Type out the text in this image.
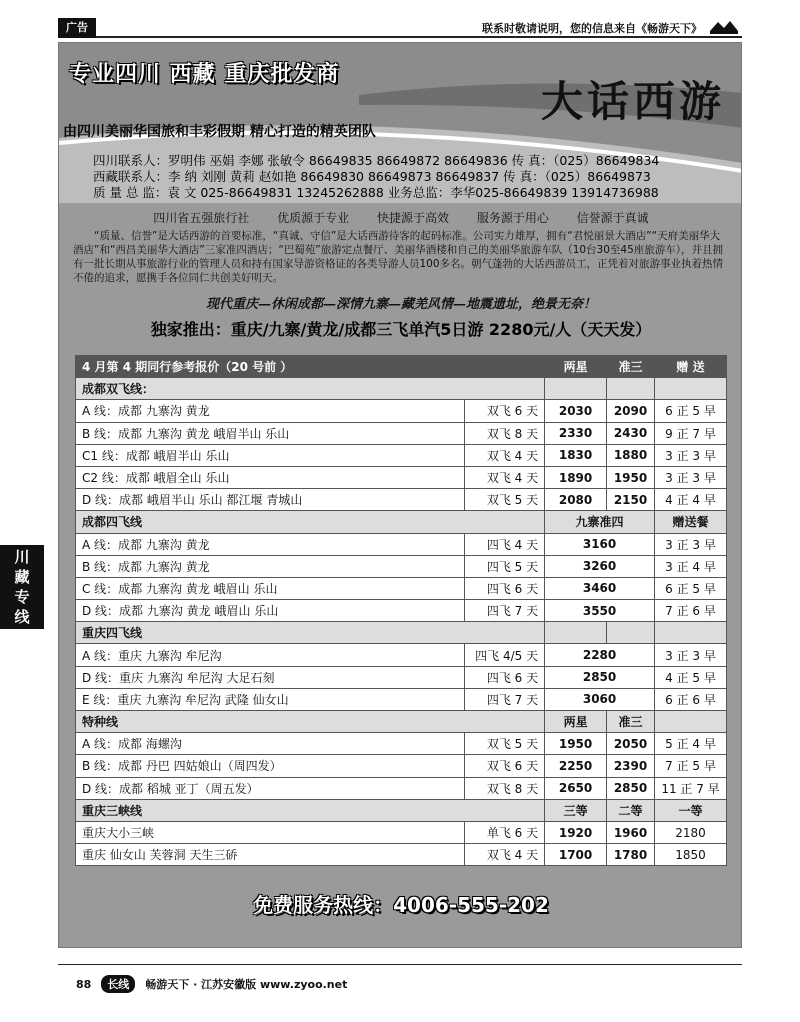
广告	联系时敬请说明，您的信息来自《畅游天下》
川
藏
专
线
专业四川 西藏 重庆批发商
大话西游
由四川美丽华国旅和丰彩假期 精心打造的精英团队
四川联系人：罗明伟 巫娟 李娜 张敏令 86649835 86649872 86649836 传 真：（025）86649834
西藏联系人：李 纳 刘刚 黄莉 赵如艳 86649830 86649873 86649837 传 真：（025）86649873
质 量 总 监：袁 文 025-86649831 13245262888 业务总监：李华025-86649839 13914736988
四川省五强旅行社 优质源于专业 快捷源于高效 服务源于用心 信誉源于真诚
“质量、信誉”是大话西游的首要标准，“真诚、守信”是大话西游待客的起码标准。公司实力雄厚，拥有“君悦丽景大酒店”“天府美丽华大酒店”和“西昌美丽华大酒店”三家准四酒店；“巴蜀苑”旅游定点餐厅、美丽华酒楼和自己的美丽华旅游车队（10台30至45座旅游车），并且拥有一批长期从事旅游行业的管理人员和持有国家导游资格证的各类导游人员100多名。朝气蓬勃的大话西游员工，正凭着对旅游事业执着热情不倦的追求，愿携手各位同仁共创美好明天。
现代重庆—休闲成都—深情九寨—藏羌风情—地震遗址，绝景无奈！
独家推出：重庆/九寨/黄龙/成都三飞单汽5日游 2280元/人（天天发）
4 月第 4 期同行参考报价（20 号前 ）		两星	准三	赠 送
成都双飞线：				
A 线：成都 九寨沟 黄龙	双飞 6 天	2030	2090	6 正 5 早
B 线：成都 九寨沟 黄龙 峨眉半山 乐山	双飞 8 天	2330	2430	9 正 7 早
C1 线：成都 峨眉半山 乐山	双飞 4 天	1830	1880	3 正 3 早
C2 线：成都 峨眉全山 乐山	双飞 4 天	1890	1950	3 正 3 早
D 线：成都 峨眉半山 乐山 都江堰 青城山	双飞 5 天	2080	2150	4 正 4 早
成都四飞线		九寨准四		赠送餐
A 线：成都 九寨沟 黄龙	四飞 4 天	3160		3 正 3 早
B 线：成都 九寨沟 黄龙	四飞 5 天	3260		3 正 4 早
C 线：成都 九寨沟 黄龙 峨眉山 乐山	四飞 6 天	3460		6 正 5 早
D 线：成都 九寨沟 黄龙 峨眉山 乐山	四飞 7 天	3550		7 正 6 早
重庆四飞线				
A 线：重庆 九寨沟 牟尼沟	四飞 4/5 天	2280		3 正 3 早
D 线：重庆 九寨沟 牟尼沟 大足石刻	四飞 6 天	2850		4 正 5 早
E 线：重庆 九寨沟 牟尼沟 武隆 仙女山	四飞 7 天	3060		6 正 6 早
特种线		两星	准三	
A 线：成都 海螺沟	双飞 5 天	1950	2050	5 正 4 早
B 线：成都 丹巴 四姑娘山（周四发）	双飞 6 天	2250	2390	7 正 5 早
D 线：成都 稻城 亚丁（周五发）	双飞 8 天	2650	2850	11 正 7 早
重庆三峡线		三等	二等	一等
重庆大小三峡	单飞 6 天	1920	1960	2180
重庆 仙女山 芙蓉洞 天生三硚	双飞 4 天	1700	1780	1850
免费服务热线：4006-555-202
88	长线	畅游天下 · 江苏安徽版 www.zyoo.net
